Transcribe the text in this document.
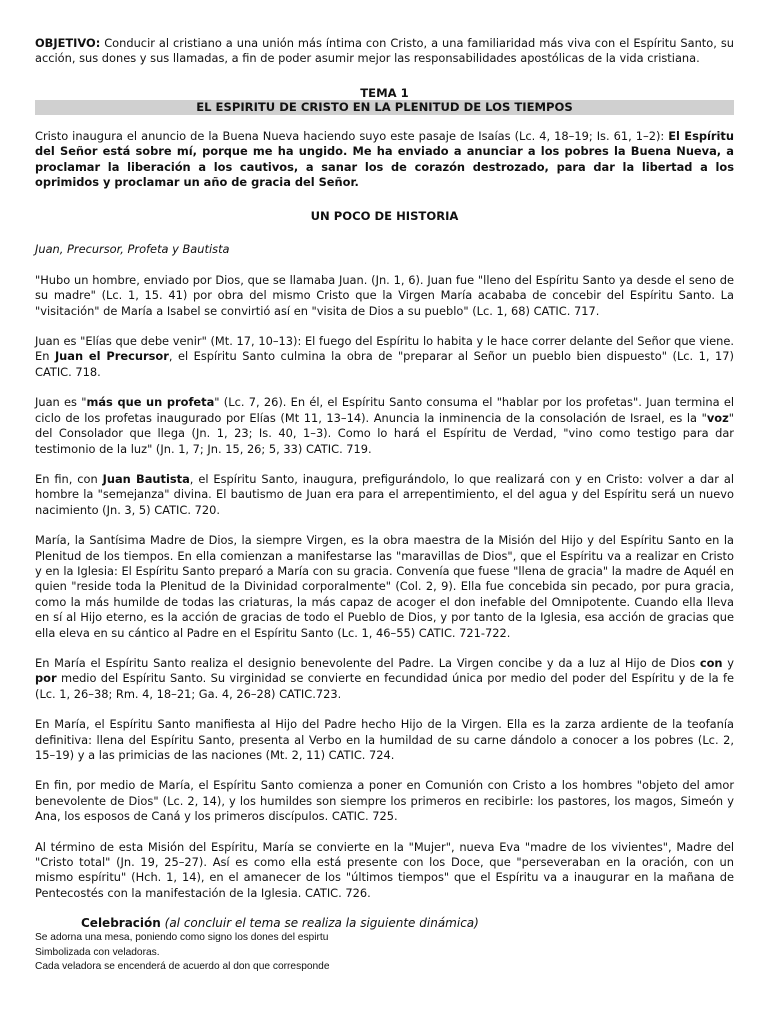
OBJETIVO: Conducir al cristiano a una unión más íntima con Cristo, a una familiaridad más viva con el Espíritu Santo, su acción, sus dones y sus llamadas, a fin de poder asumir mejor las responsabilidades apostólicas de la vida cristiana.

TEMA 1

EL ESPIRITU DE CRISTO EN LA PLENITUD DE LOS TIEMPOS

Cristo inaugura el anuncio de la Buena Nueva haciendo suyo este pasaje de Isaías (Lc. 4, 18–19; Is. 61, 1–2): El Espíritu del Señor está sobre mí, porque me ha ungido. Me ha enviado a anunciar a los pobres la Buena Nueva, a proclamar la liberación a los cautivos, a sanar los de corazón destrozado, para dar la libertad a los oprimidos y proclamar un año de gracia del Señor.

UN POCO DE HISTORIA

Juan, Precursor, Profeta y Bautista

"Hubo un hombre, enviado por Dios, que se llamaba Juan. (Jn. 1, 6). Juan fue "lleno del Espíritu Santo ya desde el seno de su madre" (Lc. 1, 15. 41) por obra del mismo Cristo que la Virgen María acababa de concebir del Espíritu Santo. La "visitación" de María a Isabel se convirtió así en "visita de Dios a su pueblo" (Lc. 1, 68) CATIC. 717.

Juan es "Elías que debe venir" (Mt. 17, 10–13): El fuego del Espíritu lo habita y le hace correr delante del Señor que viene. En Juan el Precursor, el Espíritu Santo culmina la obra de "preparar al Señor un pueblo bien dispuesto" (Lc. 1, 17) CATIC. 718.

Juan es "más que un profeta" (Lc. 7, 26). En él, el Espíritu Santo consuma el "hablar por los profetas". Juan termina el ciclo de los profetas inaugurado por Elías (Mt 11, 13–14). Anuncia la inminencia de la consolación de Israel, es la "voz" del Consolador que llega (Jn. 1, 23; Is. 40, 1–3). Como lo hará el Espíritu de Verdad, "vino como testigo para dar testimonio de la luz" (Jn. 1, 7; Jn. 15, 26; 5, 33) CATIC. 719.

En fin, con Juan Bautista, el Espíritu Santo, inaugura, prefigurándolo, lo que realizará con y en Cristo: volver a dar al hombre la "semejanza" divina. El bautismo de Juan era para el arrepentimiento, el del agua y del Espíritu será un nuevo nacimiento (Jn. 3, 5) CATIC. 720.

María, la Santísima Madre de Dios, la siempre Virgen, es la obra maestra de la Misión del Hijo y del Espíritu Santo en la Plenitud de los tiempos. En ella comienzan a manifestarse las "maravillas de Dios", que el Espíritu va a realizar en Cristo y en la Iglesia: El Espíritu Santo preparó a María con su gracia. Convenía que fuese "llena de gracia" la madre de Aquél en quien "reside toda la Plenitud de la Divinidad corporalmente" (Col. 2, 9). Ella fue concebida sin pecado, por pura gracia, como la más humilde de todas las criaturas, la más capaz de acoger el don inefable del Omnipotente. Cuando ella lleva en sí al Hijo eterno, es la acción de gracias de todo el Pueblo de Dios, y por tanto de la Iglesia, esa acción de gracias que ella eleva en su cántico al Padre en el Espíritu Santo (Lc. 1, 46–55) CATIC. 721-722.

En María el Espíritu Santo realiza el designio benevolente del Padre. La Virgen concibe y da a luz al Hijo de Dios con y por medio del Espíritu Santo. Su virginidad se convierte en fecundidad única por medio del poder del Espíritu y de la fe (Lc. 1, 26–38; Rm. 4, 18–21; Ga. 4, 26–28) CATIC.723.

En María, el Espíritu Santo manifiesta al Hijo del Padre hecho Hijo de la Virgen. Ella es la zarza ardiente de la teofanía definitiva: llena del Espíritu Santo, presenta al Verbo en la humildad de su carne dándolo a conocer a los pobres (Lc. 2, 15–19) y a las primicias de las naciones (Mt. 2, 11) CATIC. 724.

En fin, por medio de María, el Espíritu Santo comienza a poner en Comunión con Cristo a los hombres "objeto del amor benevolente de Dios" (Lc. 2, 14), y los humildes son siempre los primeros en recibirle: los pastores, los magos, Simeón y Ana, los esposos de Caná y los primeros discípulos. CATIC. 725.

Al término de esta Misión del Espíritu, María se convierte en la "Mujer", nueva Eva "madre de los vivientes", Madre del "Cristo total" (Jn. 19, 25–27). Así es como ella está presente con los Doce, que "perseveraban en la oración, con un mismo espíritu" (Hch. 1, 14), en el amanecer de los "últimos tiempos" que el Espíritu va a inaugurar en la mañana de Pentecostés con la manifestación de la Iglesia. CATIC. 726.

Celebración (al concluir el tema se realiza la siguiente dinámica)

Se adorna una mesa, poniendo como signo los dones del espirtu

Simbolizada con veladoras.

Cada veladora se encenderá de acuerdo al don que corresponde
